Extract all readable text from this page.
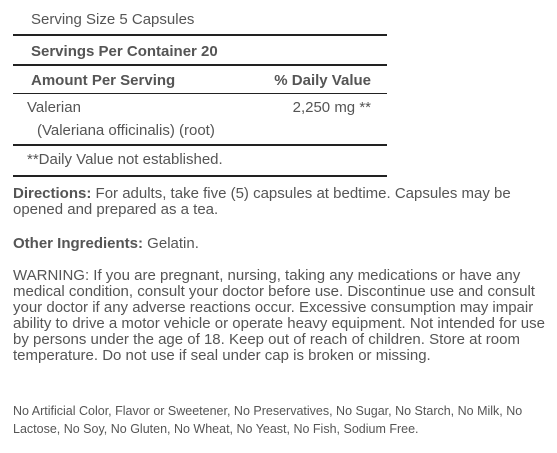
Serving Size 5 Capsules
Servings Per Container 20
Amount Per Serving	% Daily Value
Valerian	2,250 mg **
(Valeriana officinalis) (root)
**Daily Value not established.
Directions: For adults, take five (5) capsules at bedtime. Capsules may be opened and prepared as a tea.
Other Ingredients: Gelatin.
WARNING: If you are pregnant, nursing, taking any medications or have any medical condition, consult your doctor before use. Discontinue use and consult your doctor if any adverse reactions occur. Excessive consumption may impair ability to drive a motor vehicle or operate heavy equipment. Not intended for use by persons under the age of 18. Keep out of reach of children. Store at room temperature. Do not use if seal under cap is broken or missing.
No Artificial Color, Flavor or Sweetener, No Preservatives, No Sugar, No Starch, No Milk, No Lactose, No Soy, No Gluten, No Wheat, No Yeast, No Fish, Sodium Free.
